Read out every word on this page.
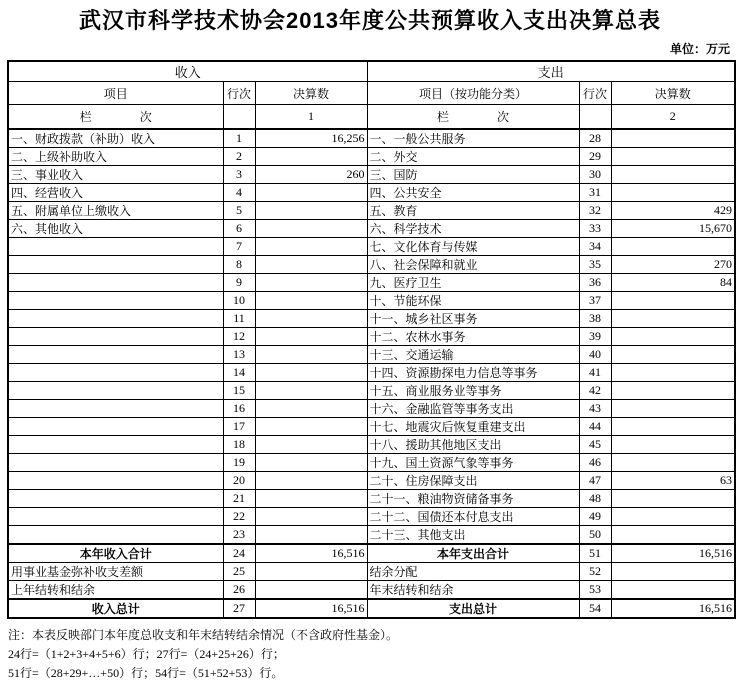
武汉市科学技术协会2013年度公共预算收入支出决算总表
单位：万元
收入			支出		
项目	行次	决算数	项目（按功能分类）	行次	决算数
栏　　　　次		1	栏　　　　次		2
一、财政拨款（补助）收入	1	16,256	一、一般公共服务	28	
二、上级补助收入	2		二、外交	29	
三、事业收入	3	260	三、国防	30	
四、经营收入	4		四、公共安全	31	
五、附属单位上缴收入	5		五、教育	32	429
六、其他收入	6		六、科学技术	33	15,670
	7		七、文化体育与传媒	34	
	8		八、社会保障和就业	35	270
	9		九、医疗卫生	36	84
	10		十、节能环保	37	
	11		十一、城乡社区事务	38	
	12		十二、农林水事务	39	
	13		十三、交通运输	40	
	14		十四、资源勘探电力信息等事务	41	
	15		十五、商业服务业等事务	42	
	16		十六、金融监管等事务支出	43	
	17		十七、地震灾后恢复重建支出	44	
	18		十八、援助其他地区支出	45	
	19		十九、国土资源气象等事务	46	
	20		二十、住房保障支出	47	63
	21		二十一、粮油物资储备事务	48	
	22		二十二、国债还本付息支出	49	
	23		二十三、其他支出	50	
本年收入合计	24	16,516	本年支出合计	51	16,516
用事业基金弥补收支差额	25		结余分配	52	
上年结转和结余	26		年末结转和结余	53	
收入总计	27	16,516	支出总计	54	16,516
注：本表反映部门本年度总收支和年末结转结余情况（不含政府性基金）。
24行=（1+2+3+4+5+6）行；27行=（24+25+26）行；
51行=（28+29+…+50）行；54行=（51+52+53）行。
